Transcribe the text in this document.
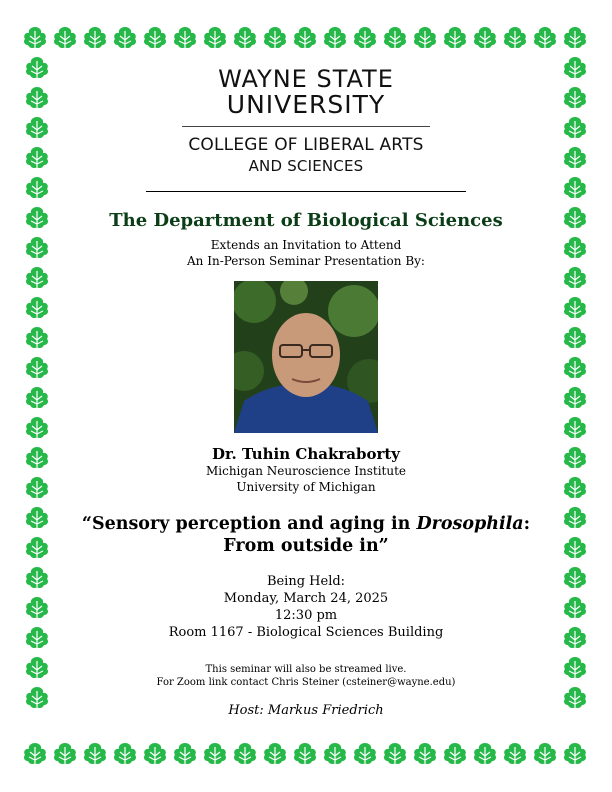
WAYNE STATE
UNIVERSITY
COLLEGE OF LIBERAL ARTS
AND SCIENCES
The Department of Biological Sciences
Extends an Invitation to Attend
An In-Person Seminar Presentation By:
Dr. Tuhin Chakraborty
Michigan Neuroscience Institute
University of Michigan
“Sensory perception and aging in Drosophila:
From outside in”
Being Held:
Monday, March 24, 2025
12:30 pm
Room 1167 - Biological Sciences Building
This seminar will also be streamed live.
For Zoom link contact Chris Steiner (csteiner@wayne.edu)
Host: Markus Friedrich
